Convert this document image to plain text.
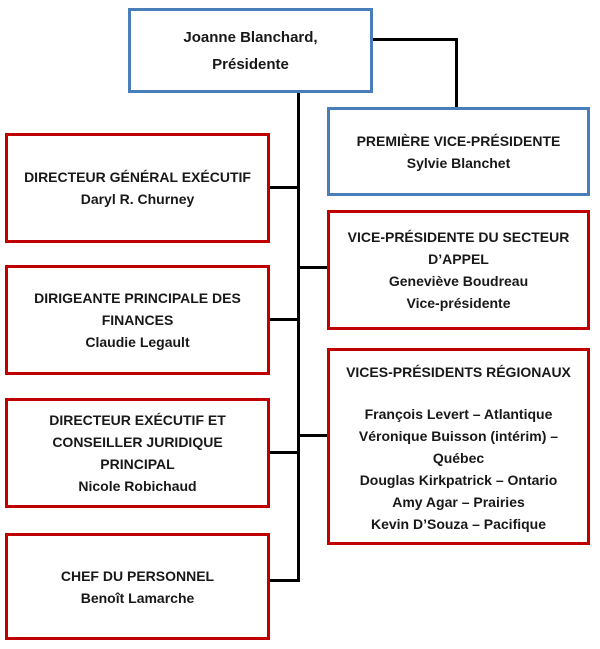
Joanne Blanchard,
Présidente
PREMIÈRE VICE-PRÉSIDENTE
Sylvie Blanchet
DIRECTEUR GÉNÉRAL EXÉCUTIF
Daryl R. Churney
DIRIGEANTE PRINCIPALE DES FINANCES
Claudie Legault
DIRECTEUR EXÉCUTIF ET CONSEILLER JURIDIQUE PRINCIPAL
Nicole Robichaud
CHEF DU PERSONNEL
Benoît Lamarche
VICE-PRÉSIDENTE DU SECTEUR D’APPEL
Geneviève Boudreau
Vice-présidente
VICES-PRÉSIDENTS RÉGIONAUX
François Levert – Atlantique
Véronique Buisson (intérim) – Québec
Douglas Kirkpatrick – Ontario
Amy Agar – Prairies
Kevin D’Souza – Pacifique
